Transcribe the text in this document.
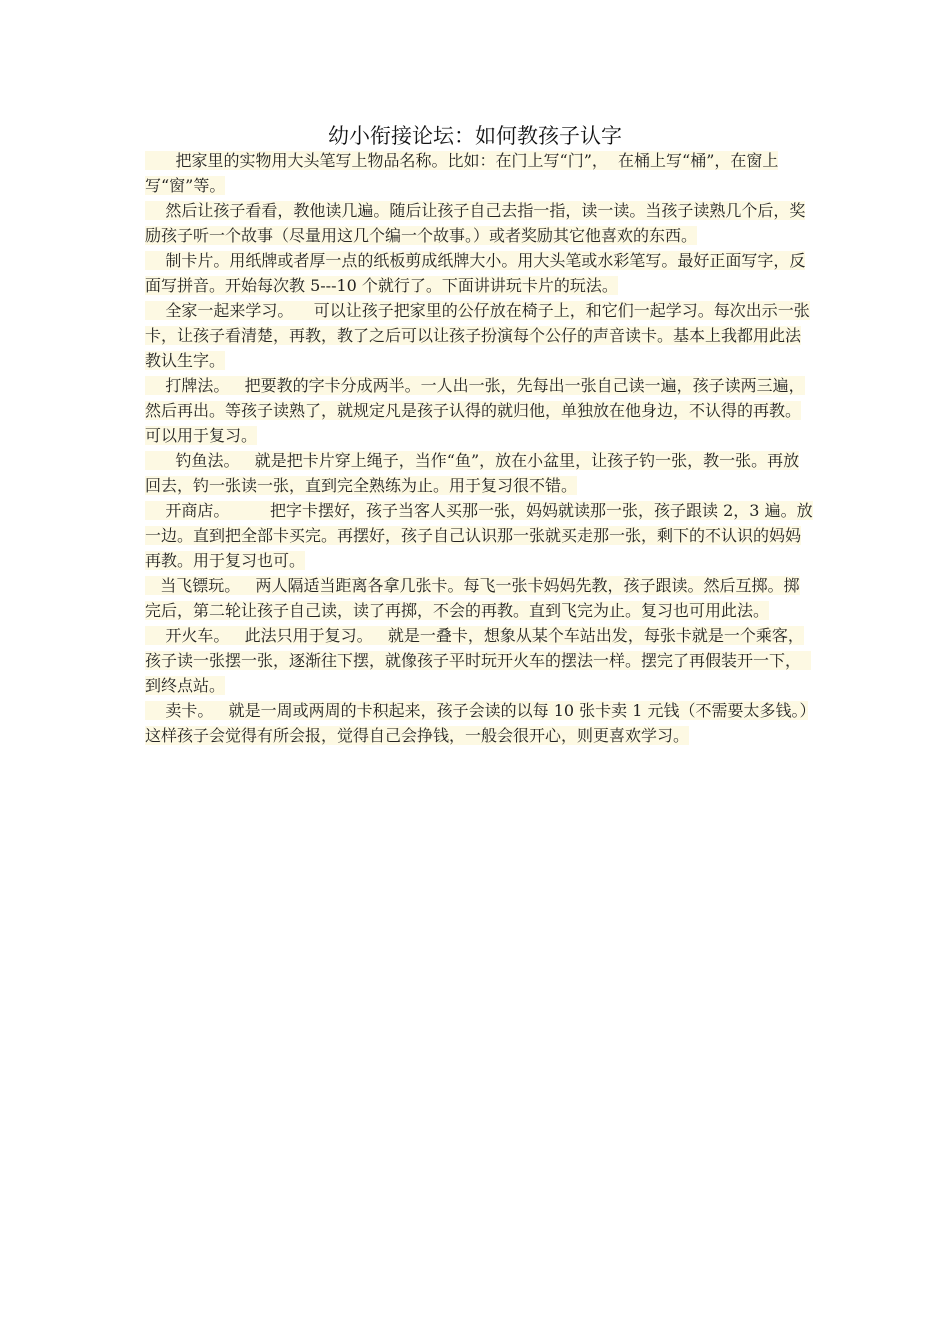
幼小衔接论坛：如何教孩子认字

把家里的实物用大头笔写上物品名称。比如：在门上写“门”，  在桶上写“桶”，在窗上写“窗”等。

然后让孩子看看，教他读几遍。随后让孩子自己去指一指，读一读。当孩子读熟几个后，奖励孩子听一个故事（尽量用这几个编一个故事。）或者奖励其它他喜欢的东西。

制卡片。用纸牌或者厚一点的纸板剪成纸牌大小。用大头笔或水彩笔写。最好正面写字，反面写拼音。开始每次教 5---10 个就行了。下面讲讲玩卡片的玩法。

全家一起来学习。    可以让孩子把家里的公仔放在椅子上，和它们一起学习。每次出示一张卡，让孩子看清楚，再教，教了之后可以让孩子扮演每个公仔的声音读卡。基本上我都用此法教认生字。

打牌法。   把要教的字卡分成两半。一人出一张，先每出一张自己读一遍，孩子读两三遍，然后再出。等孩子读熟了，就规定凡是孩子认得的就归他，单独放在他身边，不认得的再教。可以用于复习。

钓鱼法。   就是把卡片穿上绳子，当作“鱼”，放在小盆里，让孩子钓一张，教一张。再放回去，钓一张读一张，直到完全熟练为止。用于复习很不错。

开商店。        把字卡摆好，孩子当客人买那一张，妈妈就读那一张，孩子跟读 2，3 遍。放一边。直到把全部卡买完。再摆好，孩子自己认识那一张就买走那一张，剩下的不认识的妈妈再教。用于复习也可。

当飞镖玩。   两人隔适当距离各拿几张卡。每飞一张卡妈妈先教，孩子跟读。然后互掷。掷完后，第二轮让孩子自己读，读了再掷，不会的再教。直到飞完为止。复习也可用此法。

开火车。   此法只用于复习。   就是一叠卡，想象从某个车站出发，每张卡就是一个乘客，孩子读一张摆一张，逐渐往下摆，就像孩子平时玩开火车的摆法一样。摆完了再假装开一下，  到终点站。

卖卡。   就是一周或两周的卡积起来，孩子会读的以每 10 张卡卖 1 元钱（不需要太多钱。）这样孩子会觉得有所会报，觉得自己会挣钱，一般会很开心，则更喜欢学习。
